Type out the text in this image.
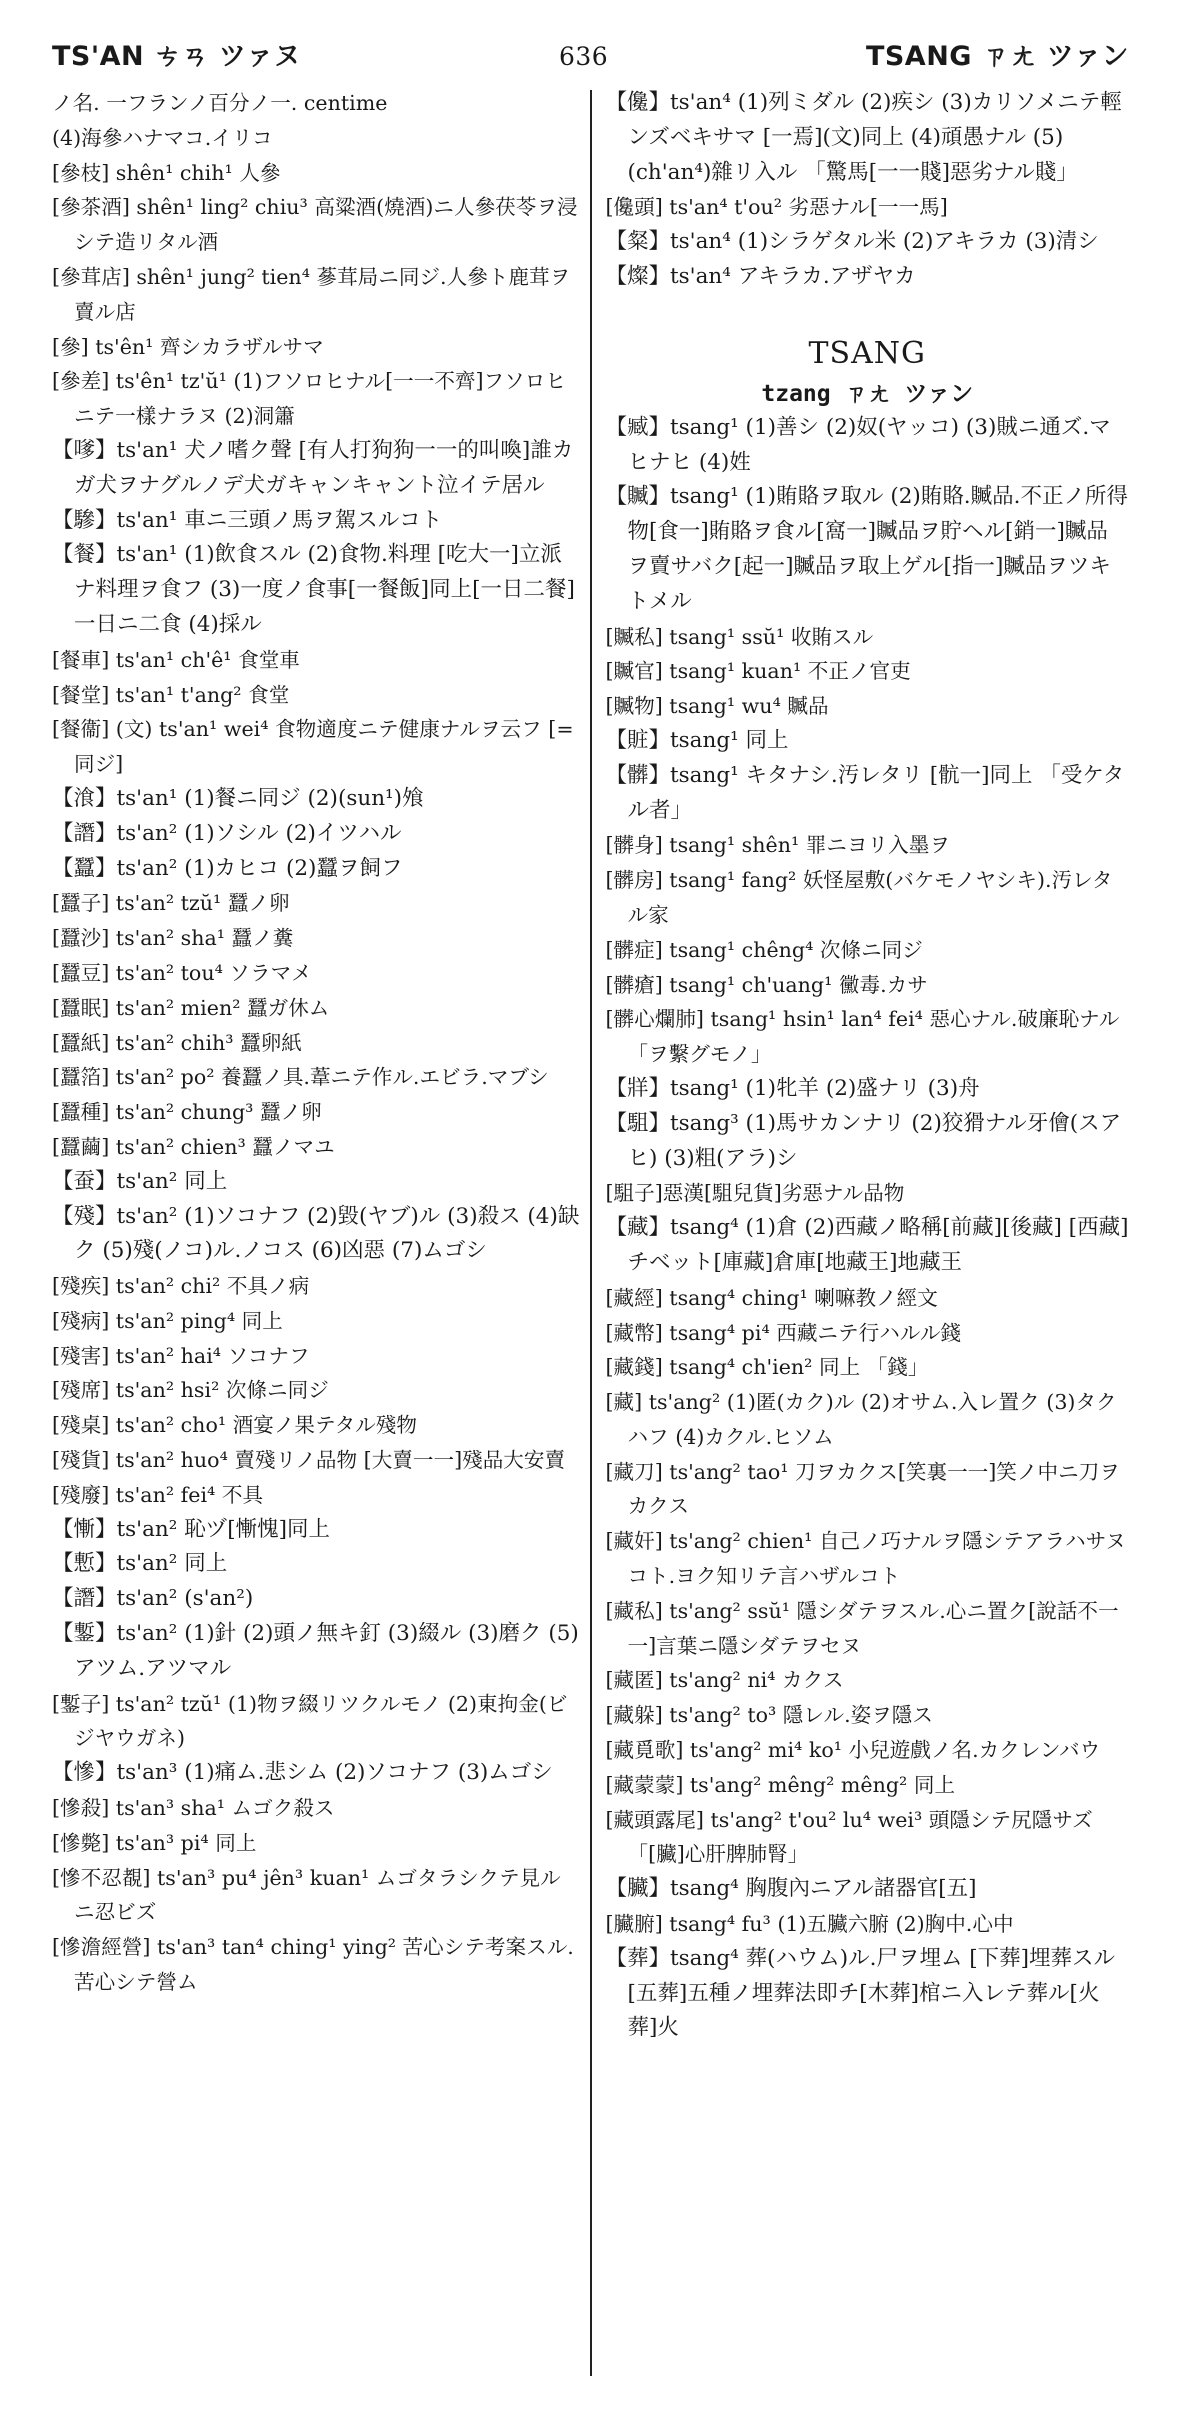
TS'AN ㄘㄢ ツァヌ	636	TSANG ㄗㄤ ツァン

ノ名. 一フランノ百分ノ一. centime

(4)海參ハナマコ.イリコ

[參枝] shên¹ chih¹ 人參

[參茶酒] shên¹ ling² chiu³ 高粱酒(燒酒)ニ人參茯苓ヲ浸シテ造リタル酒

[參茸店] shên¹ jung² tien⁴ 蔘茸局ニ同ジ.人參ト鹿茸ヲ賣ル店

[參] ts'ên¹ 齊シカラザルサマ

[參差] ts'ên¹ tz'ŭ¹ (1)フソロヒナル[一一不齊]フソロヒニテ一樣ナラヌ (2)洞簫

【嗲】ts'an¹ 犬ノ嗜ク聲 [有人打狗狗一一的叫喚]誰カガ犬ヲナグルノデ犬ガキャンキャント泣イテ居ル

【驂】ts'an¹ 車ニ三頭ノ馬ヲ駕スルコト

【餐】ts'an¹ (1)飲食スル (2)食物.料理 [吃大一]立派ナ料理ヲ食フ (3)一度ノ食事[一餐飯]同上[一日二餐]一日ニ二食 (4)採ル

[餐車] ts'an¹ ch'ê¹ 食堂車

[餐堂] ts'an¹ t'ang² 食堂

[餐衞] (文) ts'an¹ wei⁴ 食物適度ニテ健康ナルヲ云フ [=同ジ]

【湌】ts'an¹ (1)餐ニ同ジ (2)(sun¹)飧

【譖】ts'an² (1)ソシル (2)イツハル

【蠶】ts'an² (1)カヒコ (2)蠶ヲ飼フ

[蠶子] ts'an² tzŭ¹ 蠶ノ卵

[蠶沙] ts'an² sha¹ 蠶ノ糞

[蠶豆] ts'an² tou⁴ ソラマメ

[蠶眠] ts'an² mien² 蠶ガ休ム

[蠶紙] ts'an² chih³ 蠶卵紙

[蠶箔] ts'an² po² 養蠶ノ具.葦ニテ作ル.エビラ.マブシ

[蠶種] ts'an² chung³ 蠶ノ卵

[蠶繭] ts'an² chien³ 蠶ノマユ

【蚕】ts'an² 同上

【殘】ts'an² (1)ソコナフ (2)毀(ヤブ)ル (3)殺ス (4)缺ク (5)殘(ノコ)ル.ノコス (6)凶惡 (7)ムゴシ

[殘疾] ts'an² chi² 不具ノ病

[殘病] ts'an² ping⁴ 同上

[殘害] ts'an² hai⁴ ソコナフ

[殘席] ts'an² hsi² 次條ニ同ジ

[殘桌] ts'an² cho¹ 酒宴ノ果テタル殘物

[殘貨] ts'an² huo⁴ 賣殘リノ品物 [大賣一一]殘品大安賣

[殘廢] ts'an² fei⁴ 不具

【慚】ts'an² 恥ヅ[慚愧]同上

【慙】ts'an² 同上

【譖】ts'an² (s'an²)

【鏨】ts'an² (1)針 (2)頭ノ無キ釘 (3)綴ル (3)磨ク (5)アツム.アツマル

[鏨子] ts'an² tzŭ¹ (1)物ヲ綴リツクルモノ (2)東拘金(ビジヤウガネ)

【慘】ts'an³ (1)痛ム.悲シム (2)ソコナフ (3)ムゴシ

[慘殺] ts'an³ sha¹ ムゴク殺ス

[慘斃] ts'an³ pi⁴ 同上

[慘不忍覩] ts'an³ pu⁴ jên³ kuan¹ ムゴタラシクテ見ルニ忍ビズ

[慘澹經營] ts'an³ tan⁴ ching¹ ying² 苦心シテ考案スル.苦心シテ營ム

【儳】ts'an⁴ (1)列ミダル (2)疾シ (3)カリソメニテ輕ンズベキサマ [一焉](文)同上 (4)頑愚ナル (5)(ch'an⁴)雜リ入ル 「驚馬[一一賤]惡劣ナル賤」

[儳頭] ts'an⁴ t'ou² 劣惡ナル[一一馬]

【粲】ts'an⁴ (1)シラゲタル米 (2)アキラカ (3)清シ

【燦】ts'an⁴ アキラカ.アザヤカ

TSANG
tzang ㄗㄤ ツァン

【臧】tsang¹ (1)善シ (2)奴(ヤッコ) (3)賊ニ通ズ.マヒナヒ (4)姓

【贓】tsang¹ (1)賄賂ヲ取ル (2)賄賂.贓品.不正ノ所得物[食一]賄賂ヲ食ル[窩一]贓品ヲ貯ヘル[銷一]贓品ヲ賣サバク[起一]贓品ヲ取上ゲル[指一]贓品ヲツキトメル

[贓私] tsang¹ ssŭ¹ 收賄スル

[贓官] tsang¹ kuan¹ 不正ノ官吏

[贓物] tsang¹ wu⁴ 贓品

【賍】tsang¹ 同上

【髒】tsang¹ キタナシ.汚レタリ [骯一]同上 「受ケタル者」

[髒身] tsang¹ shên¹ 罪ニヨリ入墨ヲ

[髒房] tsang¹ fang² 妖怪屋敷(バケモノヤシキ).汚レタル家

[髒症] tsang¹ chêng⁴ 次條ニ同ジ

[髒瘡] tsang¹ ch'uang¹ 黴毒.カサ

[髒心爛肺] tsang¹ hsin¹ lan⁴ fei⁴ 惡心ナル.破廉恥ナル 「ヲ繫グモノ」

【牂】tsang¹ (1)牝羊 (2)盛ナリ (3)舟

【駔】tsang³ (1)馬サカンナリ (2)狡猾ナル牙儈(スアヒ) (3)粗(アラ)シ

[駔子]惡漢[駔兒貨]劣惡ナル品物

【藏】tsang⁴ (1)倉 (2)西藏ノ略稱[前藏][後藏] [西藏]チベット[庫藏]倉庫[地藏王]地藏王

[藏經] tsang⁴ ching¹ 喇嘛教ノ經文

[藏幣] tsang⁴ pi⁴ 西藏ニテ行ハルル錢

[藏錢] tsang⁴ ch'ien² 同上 「錢」

[藏] ts'ang² (1)匿(カク)ル (2)オサム.入レ置ク (3)タクハフ (4)カクル.ヒソム

[藏刀] ts'ang² tao¹ 刀ヲカクス[笑裏一一]笑ノ中ニ刀ヲカクス

[藏奸] ts'ang² chien¹ 自己ノ巧ナルヲ隱シテアラハサヌコト.ヨク知リテ言ハザルコト

[藏私] ts'ang² ssŭ¹ 隱シダテヲスル.心ニ置ク[說話不一一]言葉ニ隱シダテヲセヌ

[藏匿] ts'ang² ni⁴ カクス

[藏躲] ts'ang² to³ 隱レル.姿ヲ隱ス

[藏覓歌] ts'ang² mi⁴ ko¹ 小兒遊戲ノ名.カクレンバウ

[藏蒙蒙] ts'ang² mêng² mêng² 同上

[藏頭露尾] ts'ang² t'ou² lu⁴ wei³ 頭隱シテ尻隱サズ 「[臟]心肝脾肺腎」

【臟】tsang⁴ 胸腹內ニアル諸器官[五]

[臟腑] tsang⁴ fu³ (1)五臟六腑 (2)胸中.心中

【葬】tsang⁴ 葬(ハウム)ル.尸ヲ埋ム [下葬]埋葬スル[五葬]五種ノ埋葬法即チ[木葬]棺ニ入レテ葬ル[火葬]火
